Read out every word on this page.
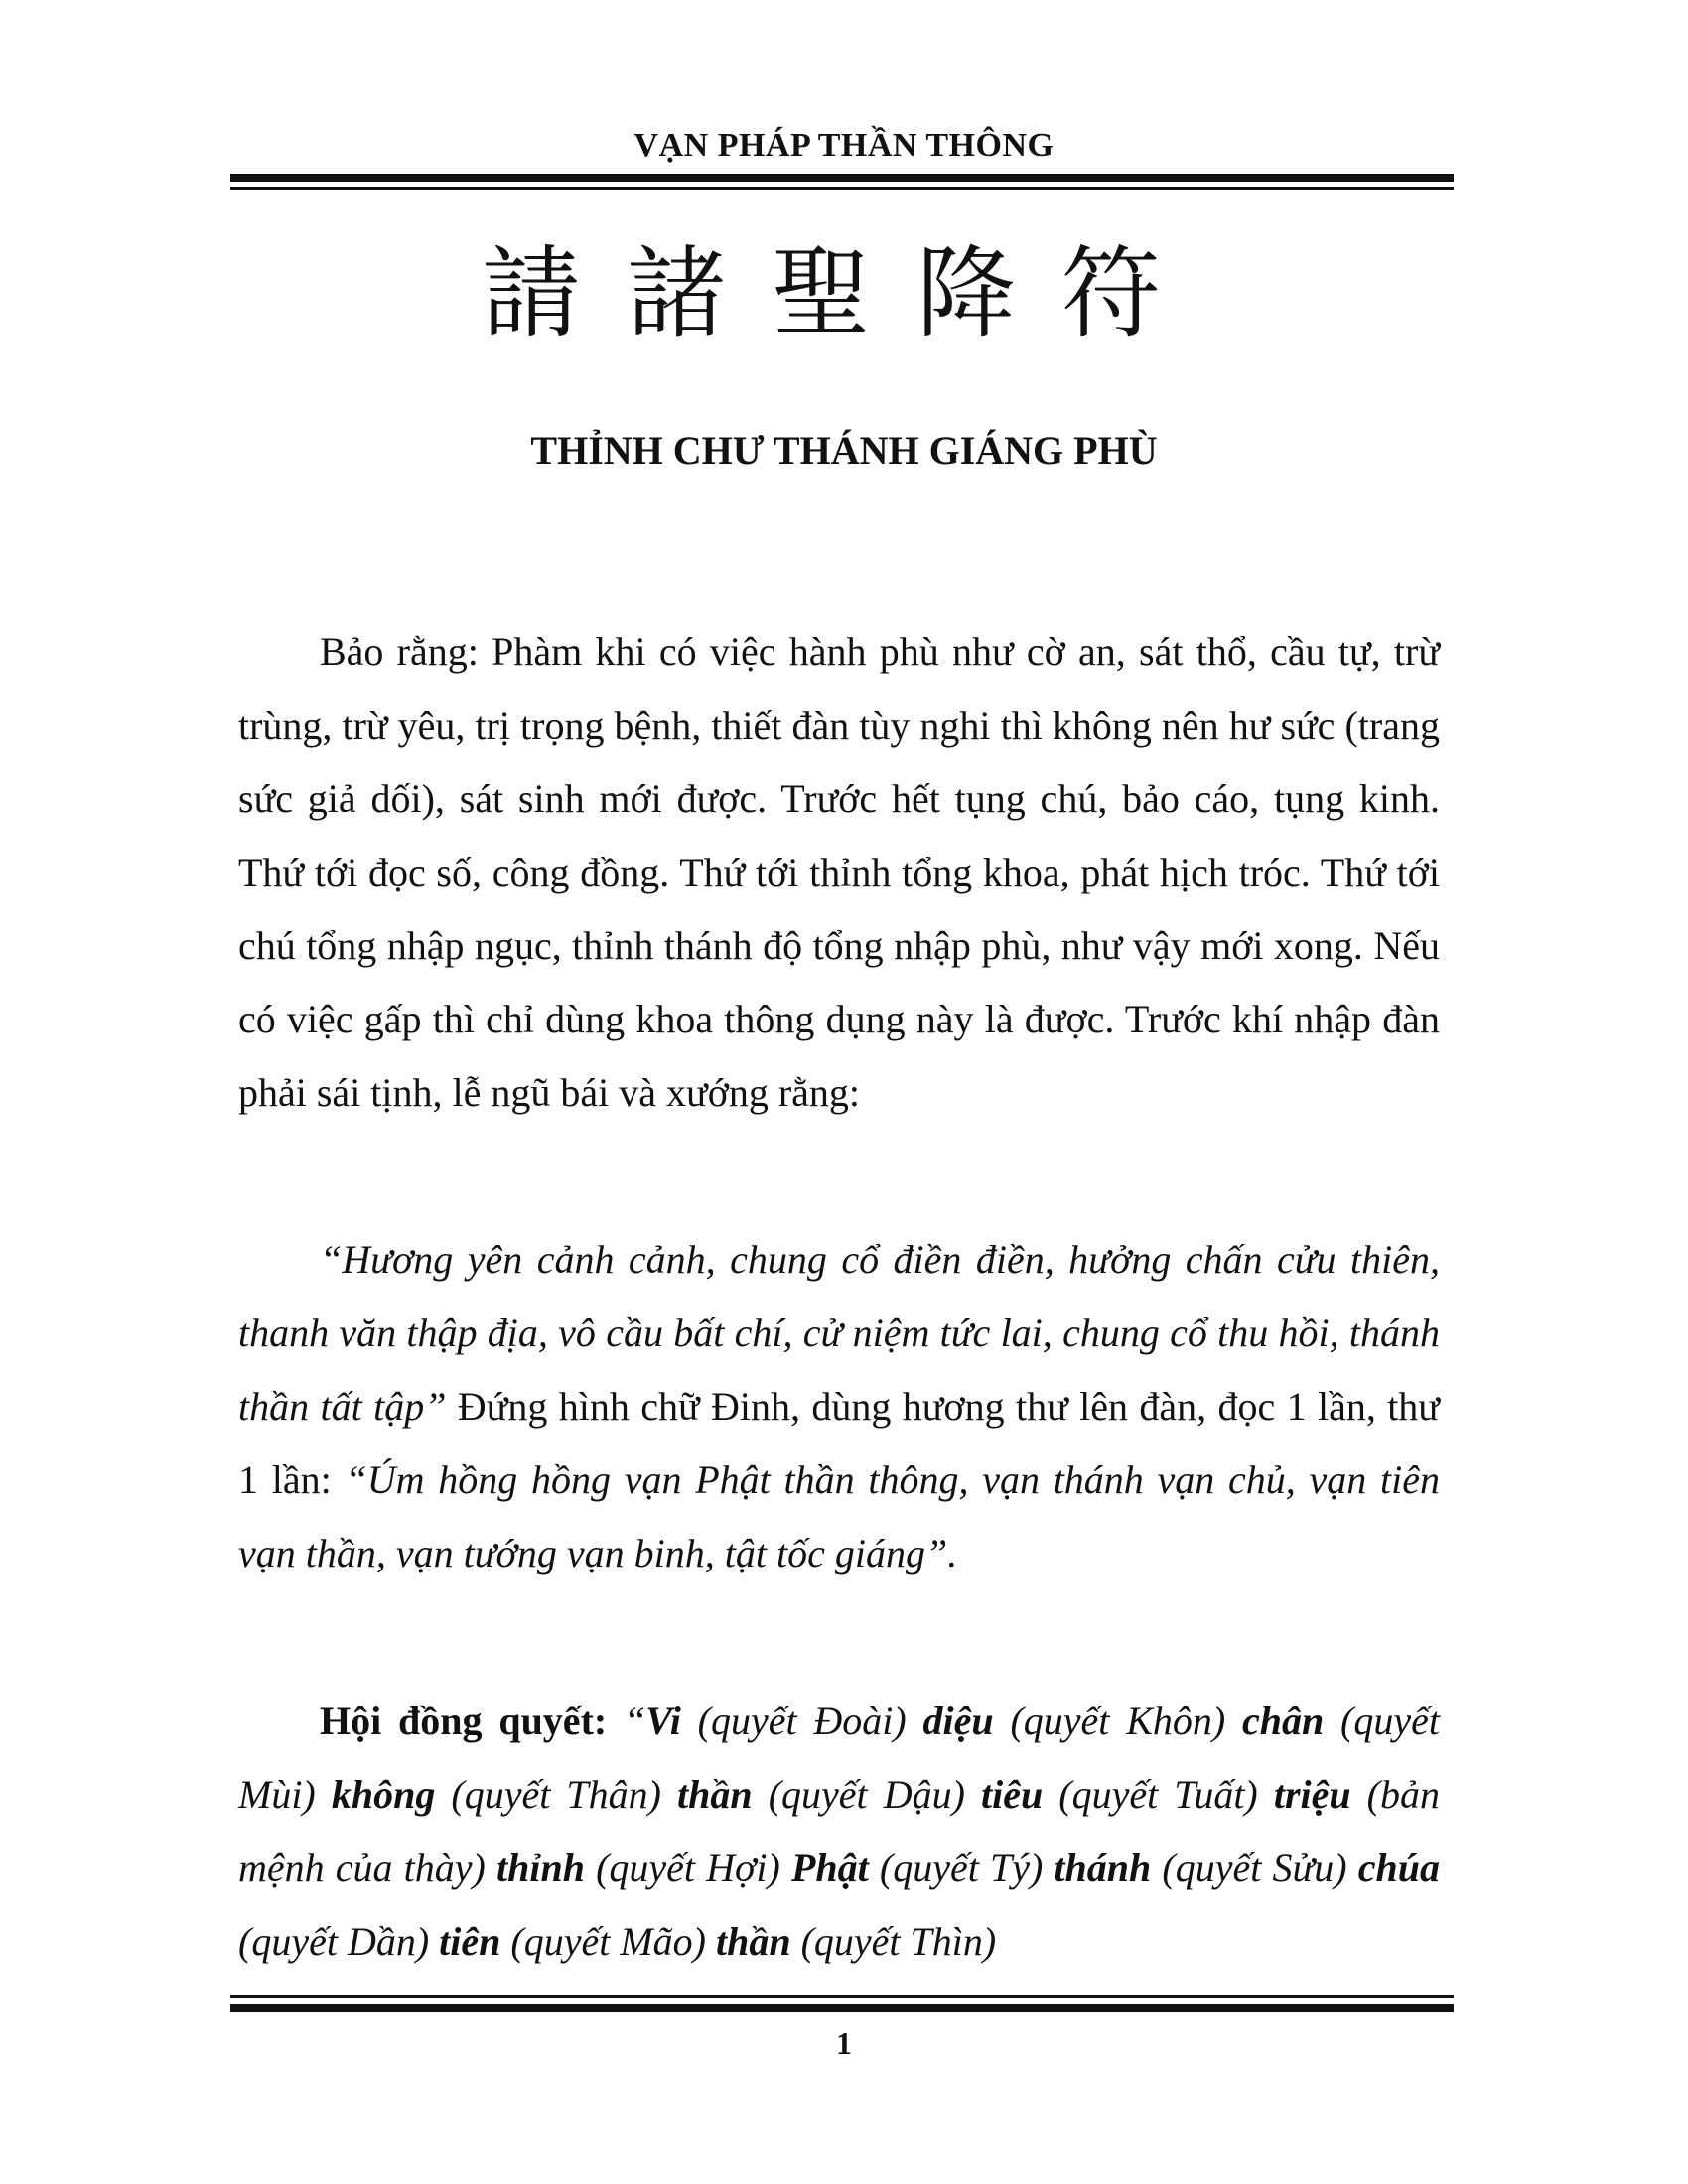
VẠN PHÁP THẦN THÔNG
請諸聖降符
THỈNH CHƯ THÁNH GIÁNG PHÙ

Bảo rằng: Phàm khi có việc hành phù như cờ an, sát thổ, cầu tự, trừ trùng, trừ yêu, trị trọng bệnh, thiết đàn tùy nghi thì không nên hư sức (trang sức giả dối), sát sinh mới được. Trước hết tụng chú, bảo cáo, tụng kinh. Thứ tới đọc số, công đồng. Thứ tới thỉnh tổng khoa, phát hịch tróc. Thứ tới chú tổng nhập ngục, thỉnh thánh độ tổng nhập phù, như vậy mới xong. Nếu có việc gấp thì chỉ dùng khoa thông dụng này là được. Trước khí nhập đàn phải sái tịnh, lễ ngũ bái và xướng rằng:

“Hương yên cảnh cảnh, chung cổ điền điền, hưởng chấn cửu thiên, thanh văn thập địa, vô cầu bất chí, cử niệm tức lai, chung cổ thu hồi, thánh thần tất tập” Đứng hình chữ Đinh, dùng hương thư lên đàn, đọc 1 lần, thư 1 lần: “Úm hồng hồng vạn Phật thần thông, vạn thánh vạn chủ, vạn tiên vạn thần, vạn tướng vạn binh, tật tốc giáng”.

Hội đồng quyết: “Vi (quyết Đoài) diệu (quyết Khôn) chân (quyết Mùi) không (quyết Thân) thần (quyết Dậu) tiêu (quyết Tuất) triệu (bản mệnh của thày) thỉnh (quyết Hợi) Phật (quyết Tý) thánh (quyết Sửu) chúa (quyết Dần) tiên (quyết Mão) thần (quyết Thìn)

1
